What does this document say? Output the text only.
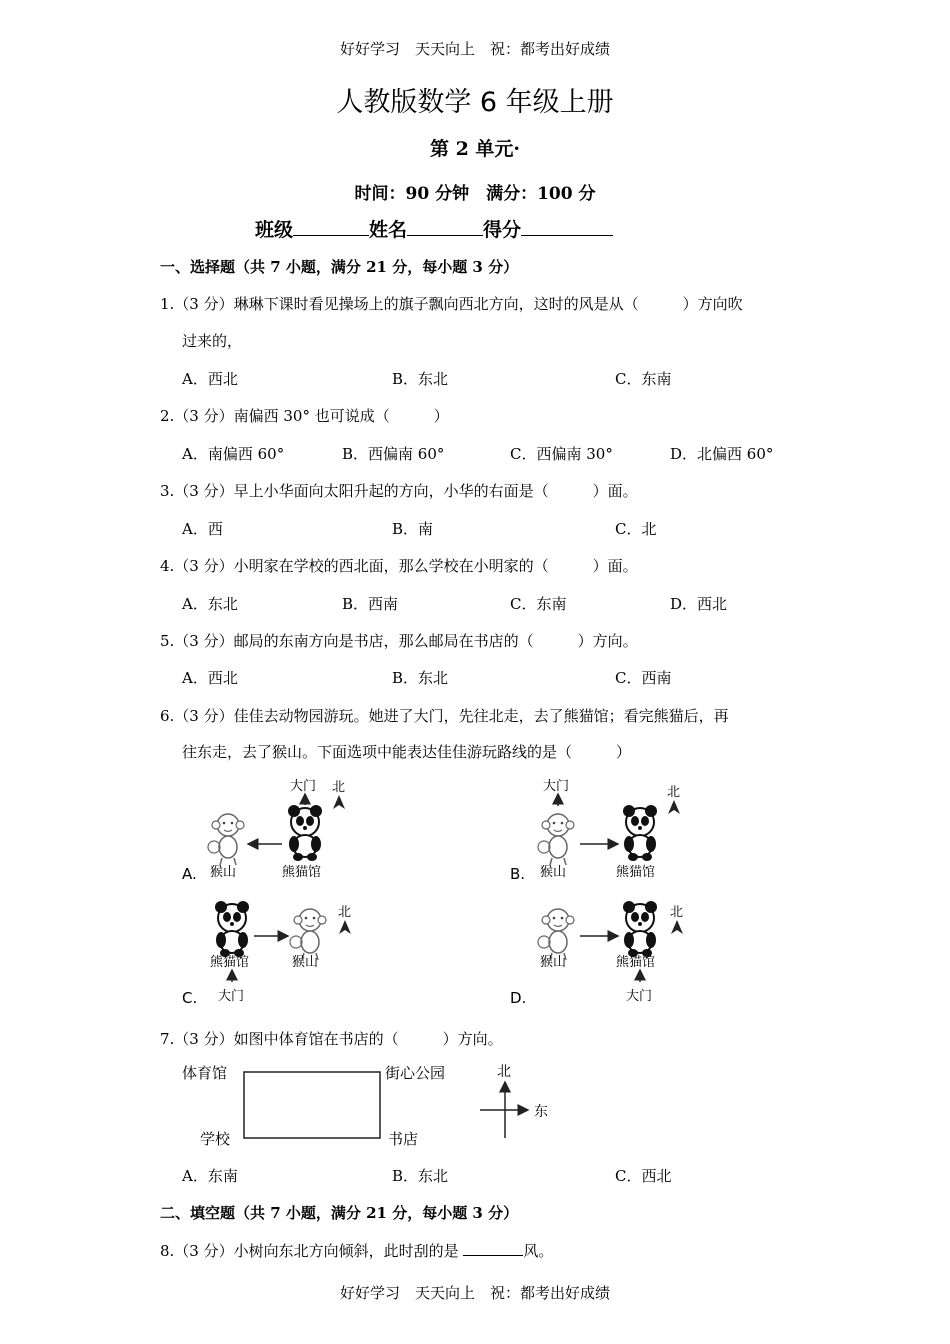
好好学习　天天向上　祝：都考出好成绩
人教版数学 6 年级上册
第 2 单元·
时间：90 分钟　满分：100 分
班级	姓名	得分
一、选择题（共 7 小题，满分 21 分，每小题 3 分）
1.（3 分）琳琳下课时看见操场上的旗子飘向西北方向，这时的风是从（	）方向吹
过来的，
A．西北	B．东北	C．东南
2.（3 分）南偏西 30° 也可说成（	）
A．南偏西 60°	B．西偏南 60°	C．西偏南 30°	D．北偏西 60°
3.（3 分）早上小华面向太阳升起的方向，小华的右面是（	）面。
A．西	B．南	C．北
4.（3 分）小明家在学校的西北面，那么学校在小明家的（	）面。
A．东北	B．西南	C．东南	D．西北
5.（3 分）邮局的东南方向是书店，那么邮局在书店的（	）方向。
A．西北	B．东北	C．西南
6.（3 分）佳佳去动物园游玩。她进了大门，先往北走，去了熊猫馆；看完熊猫后，再
往东走，去了猴山。下面选项中能表达佳佳游玩路线的是（	）
A.
大门 北
猴山	熊猫馆	B.
大门	北
猴山	熊猫馆
C.
熊猫馆	猴山
大门
北
D.
猴山	熊猫馆
大门
北
7.（3 分）如图中体育馆在书店的（	）方向。
体育馆	街心公园
学校	书店
北
东
A．东南	B．东北	C．西北
二、填空题（共 7 小题，满分 21 分，每小题 3 分）
8.（3 分）小树向东北方向倾斜，此时刮的是	风。
好好学习　天天向上　祝：都考出好成绩
